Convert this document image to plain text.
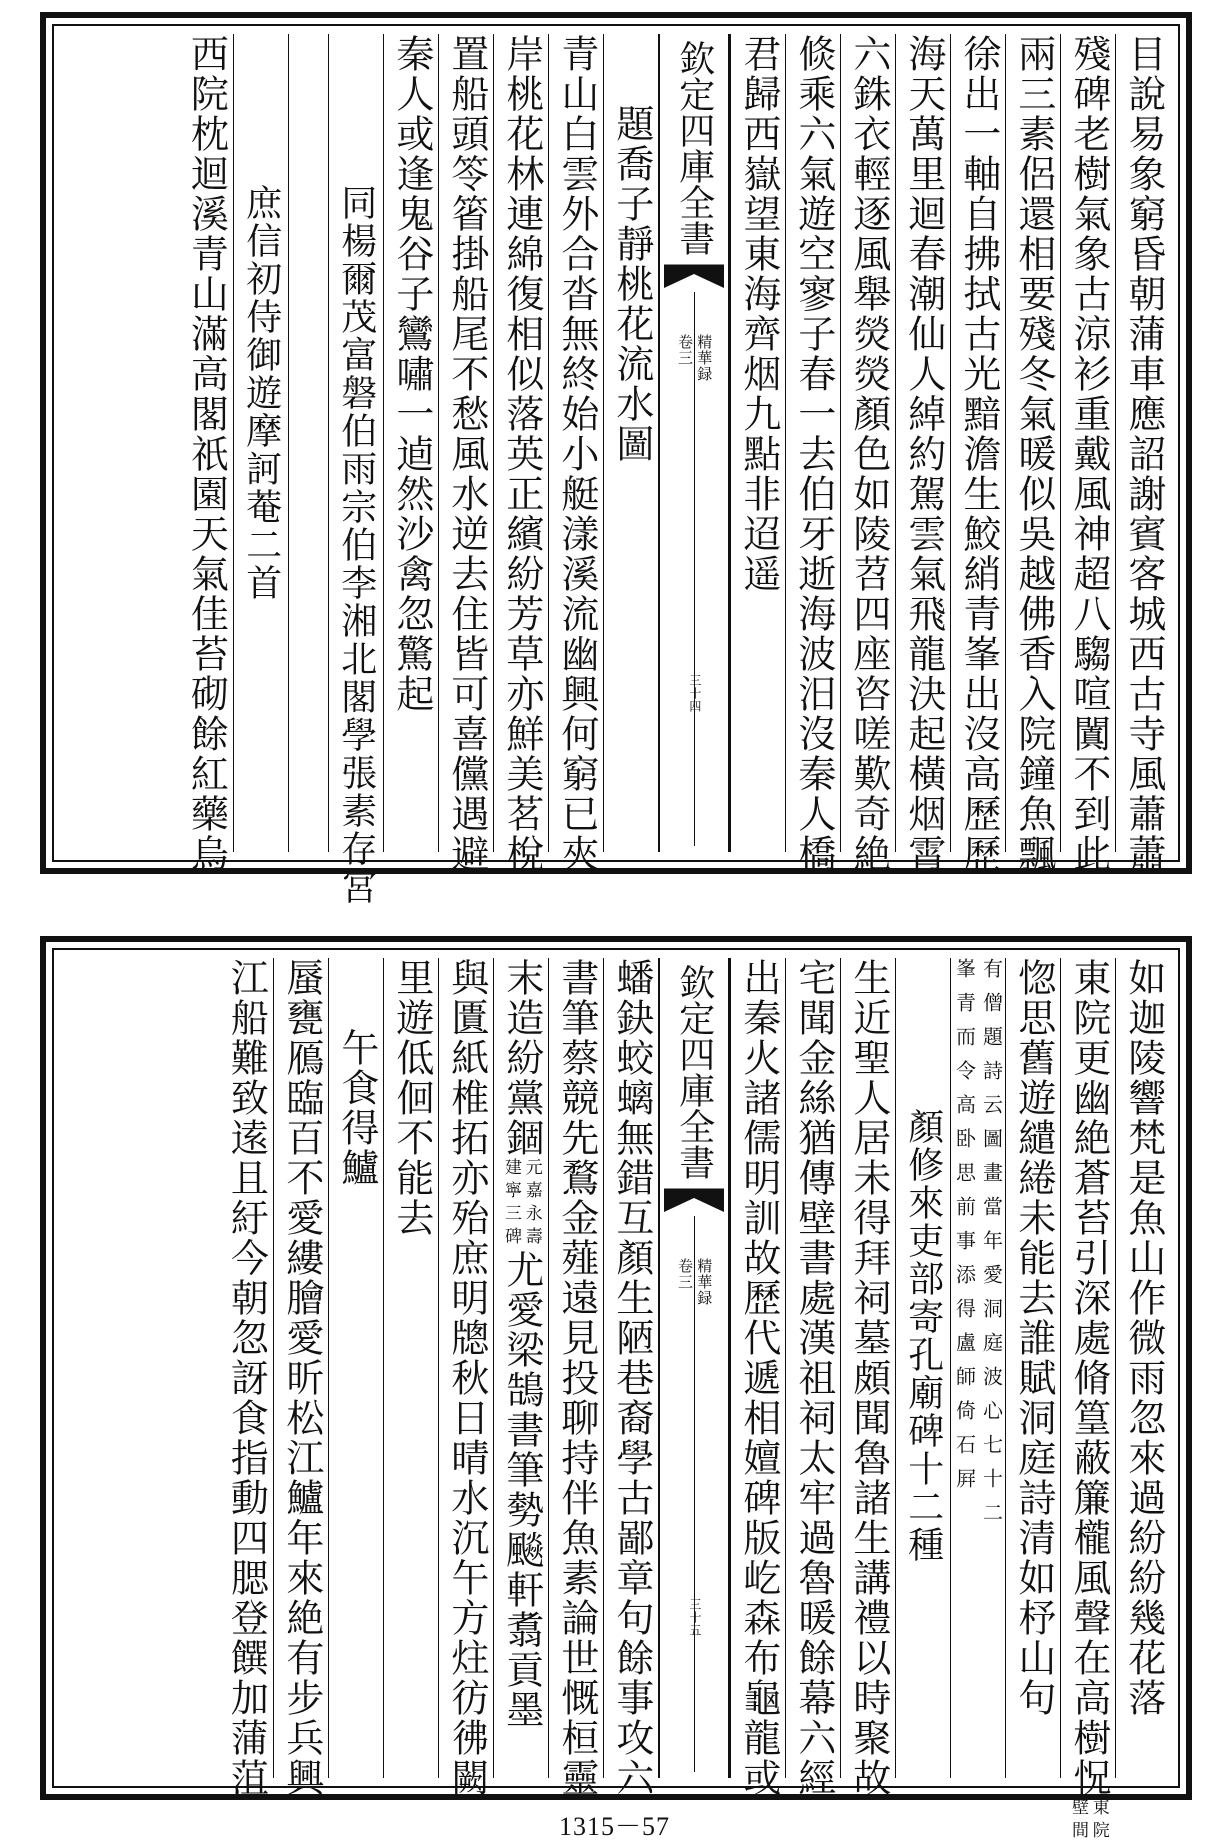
目說易象窮昏朝蒲車應詔謝賓客城西古寺風蕭蕭
殘碑老樹氣象古涼衫重戴風神超八騶喧闐不到此
兩三素侶還相要殘冬氣暖似吳越佛香入院鐘魚飄
徐出一軸自拂拭古光黯澹生鮫綃青峯出沒高歷歷
海天萬里迴春潮仙人綽約駕雲氣飛龍決起橫烟霄
六銖衣輕逐風舉熒熒顏色如陵苕四座咨嗟歎奇絶
倐乘六氣遊空寥子春一去伯牙逝海波汨沒秦人橋
君歸西嶽望東海齊烟九點非迢遥
欽定四庫全書
精華録
卷三
三十四
題喬子靜桃花流水圖
青山白雲外合沓無終始小艇漾溪流幽興何窮已夾
岸桃花林連綿復相似落英正繽紛芳草亦鮮美茗梲
置船頭笭箵掛船尾不愁風水逆去住皆可喜儻遇避
秦人或逢鬼谷子鸞嘯一逌然沙禽忽驚起
同楊爾茂富磐伯雨宗伯李湘北閣學張素存宮
庶信初侍御遊摩訶菴二首
西院枕迴溪青山滿高閣祇園天氣佳苔砌餘紅藥烏
如迦陵響梵是魚山作微雨忽來過紛紛幾花落
東院更幽絶蒼苔引深處脩篁蔽簾櫳風聲在高樹怳
東院
壁間
惚思舊遊繾綣未能去誰賦洞庭詩清如杼山句
有僧題詩云圖畫當年愛洞庭波心七十二
峯青而令高卧思前事添得盧師倚石屛
顏修來吏部寄孔廟碑十二種
生近聖人居未得拜祠墓頗聞魯諸生講禮以時聚故
宅聞金絲猶傳壁書處漢祖祠太牢過魯暖餘幕六經
出秦火諸儒明訓故歷代遞相嬗碑版屹森布龜龍或
欽定四庫全書
精華録
卷三
三十五
蟠鈌蛟螭無錯互顏生陋巷裔學古鄙章句餘事攻六
書筆蔡競先鶩金薤遠見投聊持伴魚素論世慨桓靈
末造紛黨錮
元嘉永壽
建寧三碑
尤愛梁鵠書筆勢飈軒翥貢墨
與匱紙椎拓亦殆庶明牕秋日晴水沉午方炷彷彿闕
里遊低佪不能去
午食得鱸
蜃甕鴈臨百不愛縷膾愛昕松江鱸年來絶有步兵興
江船難致逺且紆今朝忽訝食指動四腮登饌加蒲菹
1315－57
